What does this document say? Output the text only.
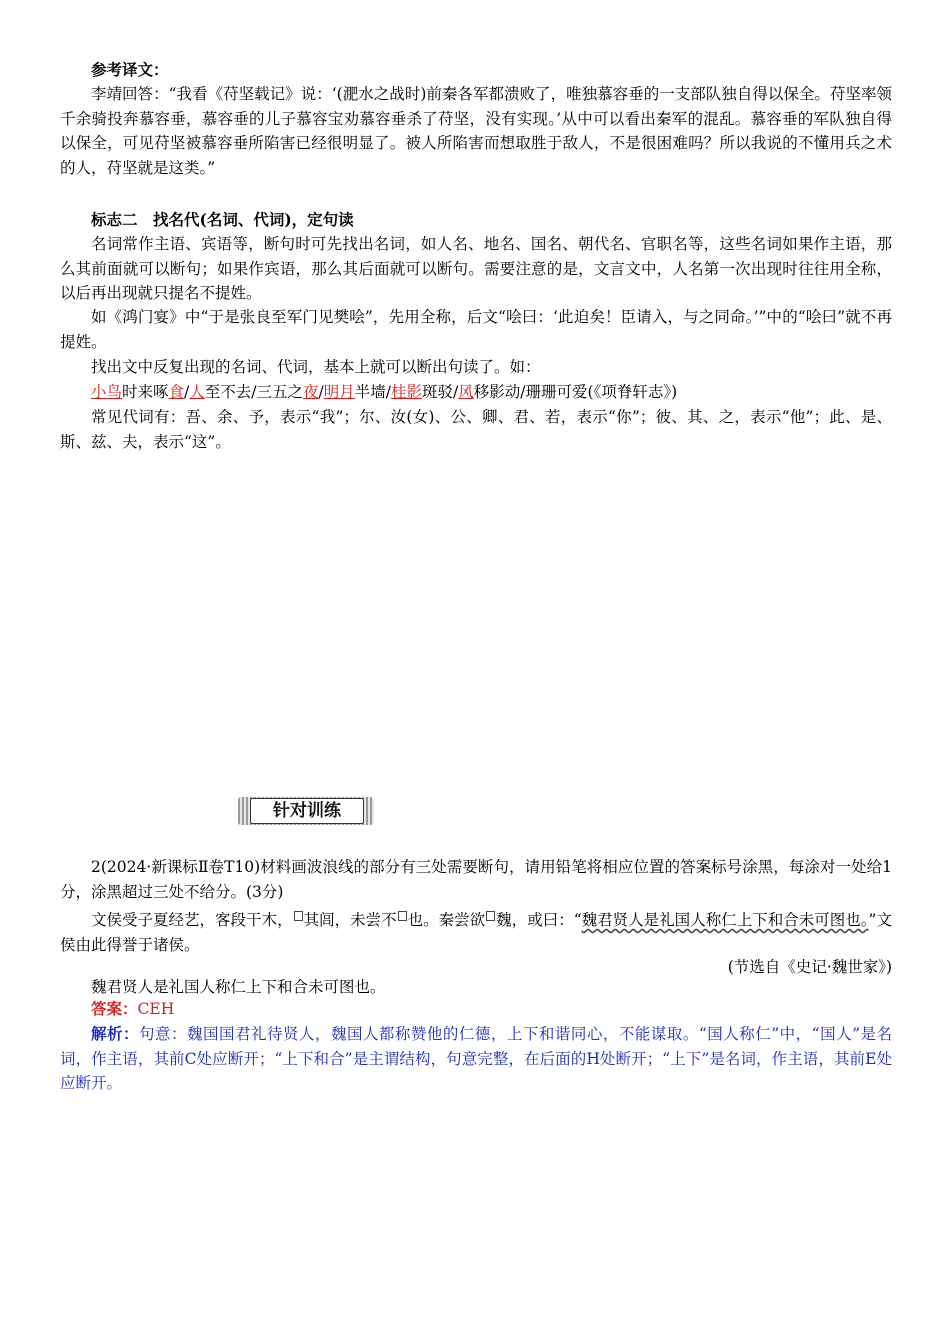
参考译文：
李靖回答：“我看《苻坚载记》说：‘(淝水之战时)前秦各军都溃败了，唯独慕容垂的一支部队独自得以保全。苻坚率领千余骑投奔慕容垂，慕容垂的儿子慕容宝劝慕容垂杀了苻坚，没有实现。’从中可以看出秦军的混乱。慕容垂的军队独自得以保全，可见苻坚被慕容垂所陷害已经很明显了。被人所陷害而想取胜于敌人，不是很困难吗？所以我说的不懂用兵之术的人，苻坚就是这类。”
标志二　找名代(名词、代词)，定句读
名词常作主语、宾语等，断句时可先找出名词，如人名、地名、国名、朝代名、官职名等，这些名词如果作主语，那么其前面就可以断句；如果作宾语，那么其后面就可以断句。需要注意的是，文言文中，人名第一次出现时往往用全称，以后再出现就只提名不提姓。
如《鸿门宴》中“于是张良至军门见樊哙”，先用全称，后文“哙曰：‘此迫矣！臣请入，与之同命。’”中的“哙曰”就不再提姓。
找出文中反复出现的名词、代词，基本上就可以断出句读了。如：
小鸟时来啄食/人至不去/三五之夜/明月半墙/桂影斑驳/风移影动/珊珊可爱(《项脊轩志》)
常见代词有：吾、余、予，表示“我”；尔、汝(女)、公、卿、君、若，表示“你”；彼、其、之，表示“他”；此、是、斯、兹、夫，表示“这”。
针对训练
2(2024·新课标Ⅱ卷T10)材料画波浪线的部分有三处需要断句，请用铅笔将相应位置的答案标号涂黑，每涂对一处给1分，涂黑超过三处不给分。(3分)
文侯受子夏经艺，客段干木， 其闾，未尝不 也。秦尝欲 魏，或曰：“魏君贤人是礼国人称仁上下和合未可图也。”文侯由此得誉于诸侯。
(节选自《史记·魏世家》)
魏君贤人是礼国人称仁上下和合未可图也。
答案：CEH
解析：句意：魏国国君礼待贤人，魏国人都称赞他的仁德，上下和谐同心，不能谋取。“国人称仁”中，“国人”是名词，作主语，其前C处应断开；“上下和合”是主谓结构，句意完整，在后面的H处断开；“上下”是名词，作主语，其前E处应断开。
